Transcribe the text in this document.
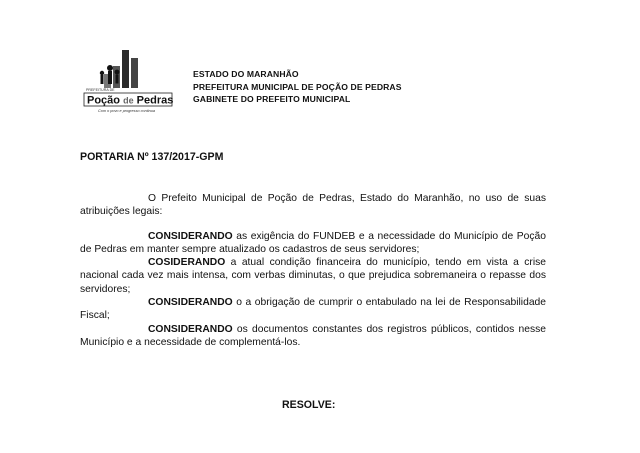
PREFEITURA DE
Poção de Pedras
Com o povo e progresso continua
ESTADO DO MARANHÃO
PREFEITURA MUNICIPAL DE POÇÃO DE PEDRAS
GABINETE DO PREFEITO MUNICIPAL
PORTARIA Nº 137/2017-GPM

O Prefeito Municipal de Poção de Pedras, Estado do Maranhão, no uso de suas atribuições legais:

CONSIDERANDO as exigência do FUNDEB e a necessidade do Município de Poção de Pedras em manter sempre atualizado os cadastros de seus servidores;

COSIDERANDO a atual condição financeira do município, tendo em vista a crise nacional cada vez mais intensa, com verbas diminutas, o que prejudica sobremaneira o repasse dos servidores;

CONSIDERANDO o a obrigação de cumprir o entabulado na lei de Responsabilidade Fiscal;

CONSIDERANDO os documentos constantes dos registros públicos, contidos nesse Município e a necessidade de complementá-los.

RESOLVE:
